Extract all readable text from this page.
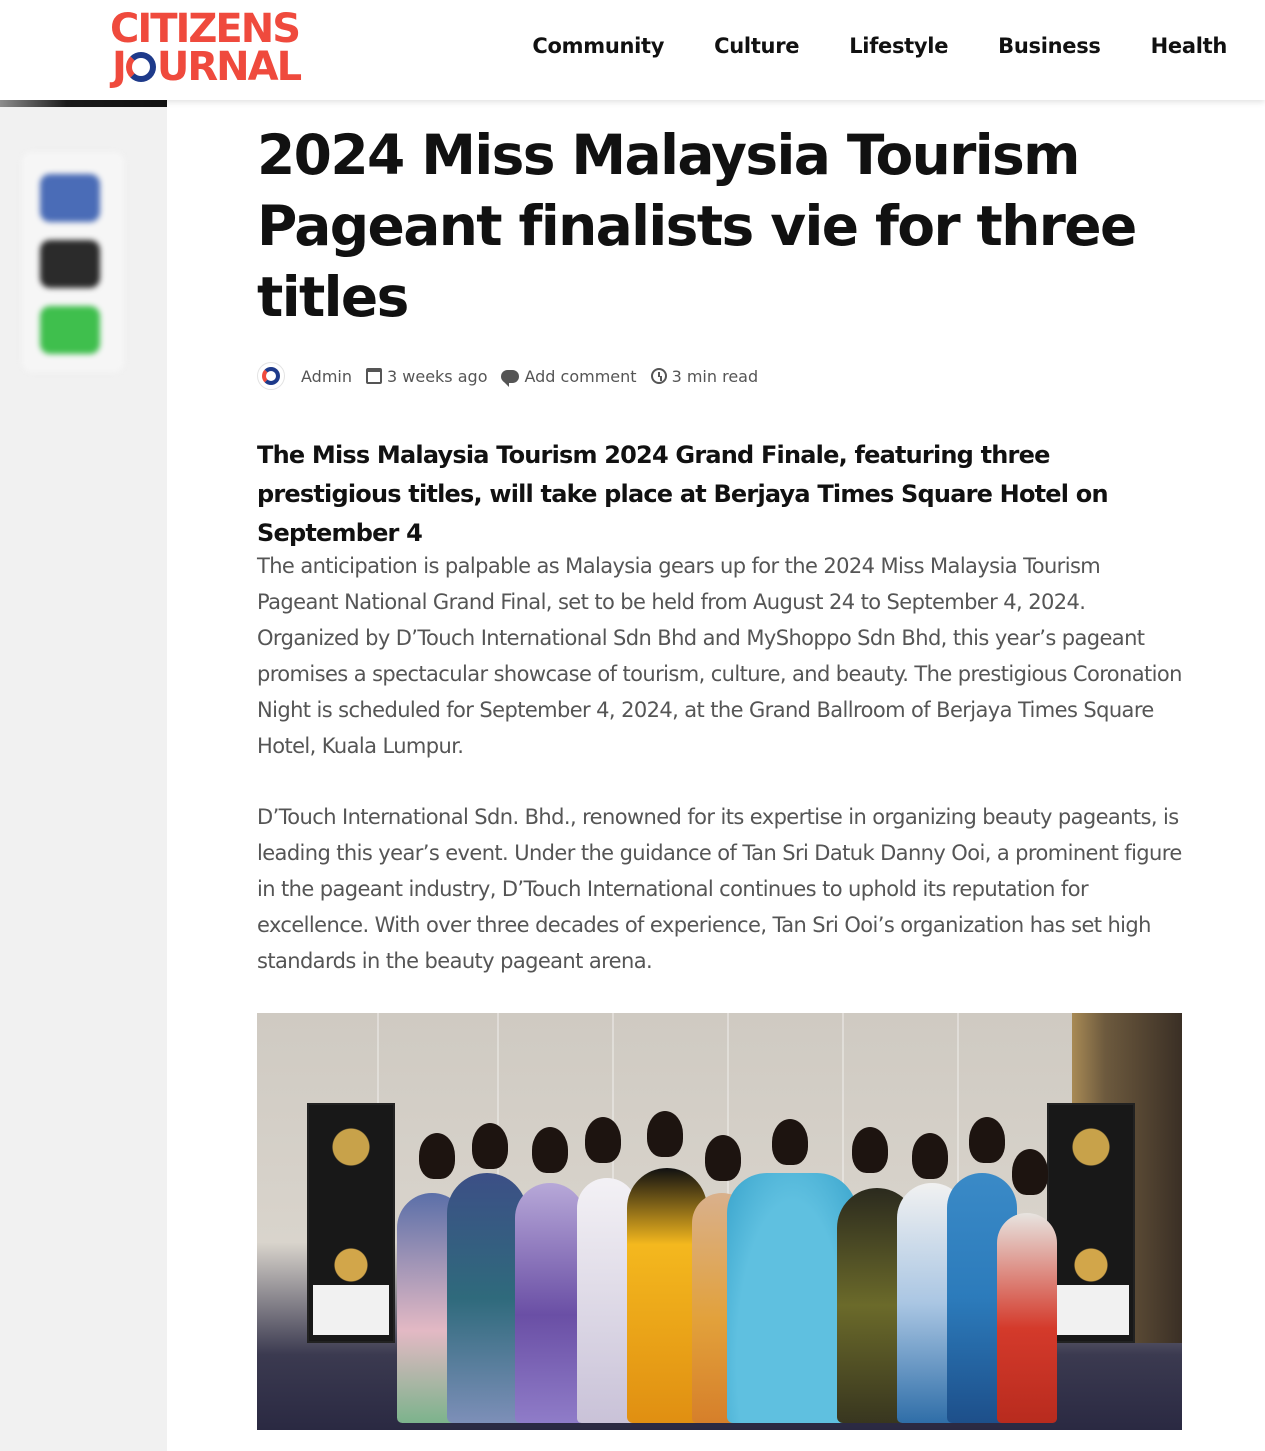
CITIZENS
J URNAL	Community Culture Lifestyle Business Health
2024 Miss Malaysia Tourism Pageant finalists vie for three titles
Admin 3 weeks ago Add comment 3 min read

The Miss Malaysia Tourism 2024 Grand Finale, featuring three prestigious titles, will take place at Berjaya Times Square Hotel on September 4

The anticipation is palpable as Malaysia gears up for the 2024 Miss Malaysia Tourism Pageant National Grand Final, set to be held from August 24 to September 4, 2024. Organized by D’Touch International Sdn Bhd and MyShoppo Sdn Bhd, this year’s pageant promises a spectacular showcase of tourism, culture, and beauty. The prestigious Coronation Night is scheduled for September 4, 2024, at the Grand Ballroom of Berjaya Times Square Hotel, Kuala Lumpur.

D’Touch International Sdn. Bhd., renowned for its expertise in organizing beauty pageants, is leading this year’s event. Under the guidance of Tan Sri Datuk Danny Ooi, a prominent figure in the pageant industry, D’Touch International continues to uphold its reputation for excellence. With over three decades of experience, Tan Sri Ooi’s organization has set high standards in the beauty pageant arena.
